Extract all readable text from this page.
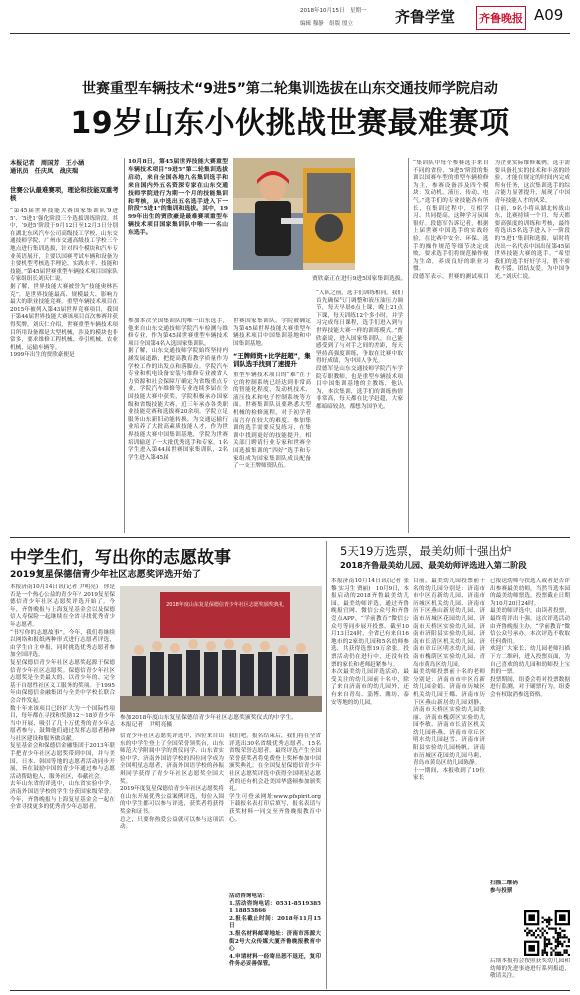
2018年10月15日　星期一
编辑 穆静　组版 殷立	齐鲁学堂 齐鲁晚报 A09
世赛重型车辆技术“9进5”第二轮集训选拔在山东交通技师学院启动
19岁山东小伙挑战世赛最难赛项
本报记者　周国芳　王小涵
通讯员　任庆凤　战庆瑞
世赛公认最难赛项，理论和技能双重考核
“第45届世界技能大赛国家集训队‘9进5’、‘5进1’强化阶段三个选拔训练阶段。其中，‘9进5’阶段于9月12日至12月3日分别在湖北东风汽车公司高级技工学校、山东交通技师学院、广州市交通高级技工学校三个地点进行集训选拔，针对四个模块和汽车专业英语展开，主要以国赛考试车辆和设备为主要机型考核选手理论、实践水平、技能和技能。”第45届世赛重型车辆技术项目国家队专家组组长刘庆仁说。
据了解，世界技能大赛被誉为“技能奥林匹克”，是世界技能最高、规模最大、影响力最大的职业技能竞赛。重型车辆技术项目在2015年被列入第43届世界竞赛项目，我国于第44届世界技能大赛该项目首次参赛并获得奖牌。刘庆仁介绍，世赛重型车辆技术项目所用设备都是大型机械，涉及的模块也非常多，要求维修工程机械、牵引机械、农业机械、运输车辆等。
1999年出生的贾欣豪便是
10月8日，第45届世界技能大赛重型车辆技术项目“9进5”第二轮集训选拔启动，来自全国各地九名集训选手和来自国内外五名资深专家在山东交通技师学院进行为期一个月的技能集训和考核，从中选出五名选手进入下一阶段“5进1”的集训和选拔。其中，1999年出生的贾欣豪是最难赛项重型车辆技术项目国家集训队中唯一一名山东选手。
贾欣豪正在进行9进5国家集训选拔。
参加本次全国集训队的唯一山东选手，他来自山东交通技师学院汽车检测与维修专业，作为第45届世赛重型车辆技术项目全国第4名入选国家集训队。
据了解，山东交通技师学院始终坚持内涵发展道路，把提高教育教学质量作为学校工作的出发点和落脚点。学院汽车专业和机电设备安装与维修专业被省人力资源和社会保障厅确定为省级重点专业，学院汽车维修等专业连续多届在全国技能大赛中获奖，学院积极承办国家级和省级技能大赛，近三年承办各类职业技能竞赛和选拔赛20余项。学院立足服务山东新旧动能转换，为交通运输行业培养了大批高素质技能人才，作为世界技能大赛中国集训基地，学院为世赛培训输送了一大批优秀选手和专家，1名学生进入第44届世赛国家集训队，2名学生进入第45届
世赛国家集训队。学院被确定为第45届世界技能大赛重型车辆技术项目中国集训基地和中国集训基地。

“王牌师资+比学赶超”，集训队选手找到了速提升
重型车辆技术项目的“难”在于它的控制系统已经达到非常高的智能化程度，发动机技术、液压技术和电子控制系统等方面。世赛集训队员要熟悉大型机械的检修流程，对于初学者而言存在较大的难度。参加集训的选手需要反复练习，在集训中找到更好的技能提升。相关部门聘请行业专家和世赛全国选拔集训的“四好”选手和专家组成为国家集训队成员配备了一支王牌师资队伍。
“人队之前，选手们训练相同，我们首先确保气门调整和液压油压力调节，每天早晨6点上课，晚上21点下课，每天训练12个多小时，并学习完成每日课程，选手们进入到与世界技能大赛一样的训练模式。”贾欣豪说，进入国家集训队，自己能感受到了与对手之间的差距，每天坚持高强度训练，争取在比赛中取得好成绩，为中国人争光。
段德军是山东交通技师学院汽车学院专职教师，也是重型车辆技术项目中国集训基地的主教练，他认为，本次集训，选手们的训练热情非常高，每天都在比学赶超，大家都暗暗较劲，都想为国争光。
“集训队中每个参赛选手来自不同的省份，‘9进5’阶段的集训以国赛车型的重型车辆检修为主，参赛设备涉及四个模块：发动机、液压、传动、电气。”选手们的专业技能各有所长，在集训过程中，互相学习、共同提高，这种学习氛围很好。段德军告诉记者，根据上届世赛中国选手的实战经验，在比赛中安全、环保、选手的操作规范等细节决定成败，要求选手们将规范操作视为生命，养成良好的职业习惯。
段德军表示，世赛的测试项目为企业实际维修案例。选手需要具备扎实的技术和丰富的经验，才能在规定的时间内完成所有任务，这次集训选手的综合能力显著提升，展现了中国青年技能人才的风采。
目前，9名小将从湖北转战山东，比赛持续一个月，每天都要高强度的训练和考核，最终将选出5名选手进入下一阶段的‘5进1’集训和选拔，届时将决出一名代表中国出征第45届世界技能大赛的选手。“希望我们的选手好好学习，胜不骄败不馁，团结友爱，为中国争光。”刘庆仁说。
中学生们，写出你的志愿故事
2019复星保德信青少年社区志愿奖评选开始了
本报济南10月14日讯(记者 尹明亮)　你是否是一个热心公益的青少年？2019复星保德信青少年社区志愿奖评选开始了。今年，齐鲁晚报与上海复星基金会以及保德信人寿保险一起继续在全省寻找优秀青少年志愿者。
“书写你的志愿故事”。今年，我们将继续以网络和报纸两种形式进行志愿者评选，由学生自主申报，同时挑选优秀志愿者参加全国评选。
复星保德信青少年社区志愿奖起源于保德信青少年社区志愿奖。保德信青少年社区志愿奖是全美最大的、以青少年的、完全基于自愿性社区义工服务的奖项。于1995年由保德信金融集团与全美中学校长联合会合作发起。
数十年来该项目已经扩大为一个国际性项目，每年都在寻找和奖励12～18岁青少年当中开展、吸引了几十万优秀的青少年志愿者参与，鼓舞他们通过发挥志愿者精神与社区建设和服务做贡献。
复星基金会和保德信金融集团于2013年联手把青少年社区志愿奖带到中国，并与美国、日本、韩国等地的志愿者活动同步开展，旨在鼓励中国的青少年通过参与志愿活动帮助他人，服务社区，奉献社会。
去年山东省的评选中，山东省实验中学、济南外国语学校的学生分获国家级荣誉。今年，齐鲁晚报与上海复星基金会一起在全省寻找更多的优秀青少年志愿者。
2018年度山东复星保德信青少年社区志愿奖颁奖典礼
参加2018年度山东复星保德信青少年社区志愿奖颁奖仪式的中学生。
本报记者　尹明亮摄
信青少年社区志愿奖评选中，四位来自山东的中学生登上了全国荣誉领奖台，山东师范大学附属中学的贾仪同学、山东省实验中学、济南外国语学校的四位同学成为全国明星志愿者，济南外国语学校的孙振琪同学获得了青少年社区志愿奖全国大奖。
2019年度复星保德信青少年社区志愿奖将在山东开展优秀公益案例评选，每位入围的中学生都可以参与评选，获奖者将获得奖金和证书。
总之，只要你热爱公益就可以参与这项活动。
我们吧。报名结束后，我们将在全省评选出30名省级优秀志愿者，15名省级荣誉志愿者。最终评选产生全国荣誉获奖者将免费登上奖杯参加中国颁奖典礼。在全国复星保德信青少年社区志愿奖评选中获得全国明星志愿者的还有机会赴美国华盛顿参加颁奖礼。
学生可登录网址www.pfspirit.org下载报名表打印后填写，报名表请与获奖材料一同交至齐鲁晚报教育中心。
活动咨询电话：
1.活动咨询电话：0531-85193851 18853866
2.报名截止时间：2018年11月15日
3.报名材料邮寄地址：济南市泺源大街2号大众传媒大厦齐鲁晚报教育中心
4.申请材料一经寄出恕不退还，复印件务必妥善保管。
5天19万选票，最美幼师十强出炉
2018齐鲁最美幼儿园、最美幼师评选进入第二阶段
本报济南10月14日讯(记者 张黎 实习生 贾丽)　10月9日，本报启动的2018齐鲁最美幼儿园、最美幼师评选，通过齐鲁晚报官网、微信公众号和齐鲁壹点APP，“学前教育”微信公众号等同步展开投票。截至10月13日24时，全省已有来自16地市的2家幼儿园和5名幼师参选，共获得选票19万余张。投票活动仍在进行中，还没有投票的家长和老师赶紧参与。
本次最美幼儿园评选活动，最受关注的幼儿园前十名中，除了来自济南市的幼儿园外，还有来自青岛、淄博、潍坊、泰安等地的幼儿园。
目前，最美幼儿园投票前十名的幼儿园分别是：济南市市中区育新幼儿园、济南市历城区机关幼儿园、济南市历下区燕山新居幼儿园、济南市历城区花园幼儿园、济南市天桥区实验幼儿园、济南市济阳县实验幼儿园、济南市长清区机关幼儿园、济南市章丘区明水幼儿园、济南市槐荫区实验幼儿园、青岛市黄岛区幼儿园。
最美幼师投票前十名的老师分别是：济南市市中区育新幼儿园金娟、济南市历城区机关幼儿园王娜、济南市历下区燕山新居幼儿园刘静、济南市天桥区实验幼儿园张丽、济南市槐荫区实验幼儿园李敏、济南市长清区机关幼儿园孙燕、济南市章丘区明水幼儿园赵雪、济南市济阳县实验幼儿园杨帆、济南市历城区花园幼儿园马莉、青岛市黄岛区幼儿园陈静。
十一期间，本报收到了19位家长
已报送幼师与扶选人或者是否评出参赛最美幼师，当然当选本园的最美幼师票选。投票截止日期为10月20日24时。
最美幼师评选中，由读者投票，最终将评出十强。这次评选活动由齐鲁晚报主办，“学前教育”微信公众号承办。本次评选不收取任何费用。
欢迎广大家长、幼儿园老师扫描下方二维码，进入投票页面，为自己喜欢的幼儿园和幼师投上宝贵的一票。
投票期间，组委会将对投票数据进行监测，对于刷票行为，组委会有权取消参选资格。
扫描二维码
参与投票
后期本报将会按照获奖幼儿园和幼师的先进事迹进行系列报道，敬请关注。
